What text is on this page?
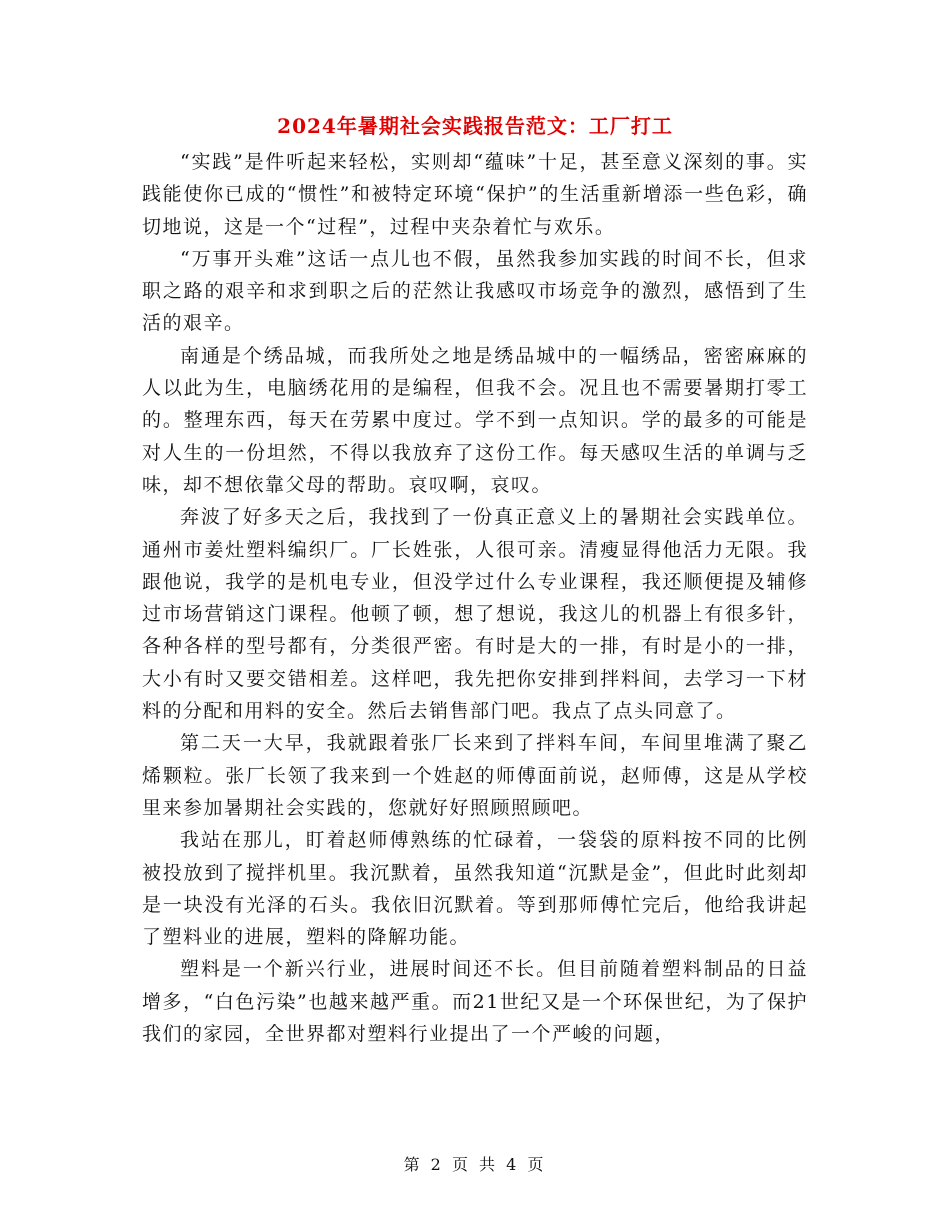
2024年暑期社会实践报告范文：工厂打工

“实践”是件听起来轻松，实则却“蕴味”十足，甚至意义深刻的事。实践能使你已成的“惯性”和被特定环境“保护”的生活重新增添一些色彩，确切地说，这是一个“过程”，过程中夹杂着忙与欢乐。

“万事开头难”这话一点儿也不假，虽然我参加实践的时间不长，但求职之路的艰辛和求到职之后的茫然让我感叹市场竞争的激烈，感悟到了生活的艰辛。

南通是个绣品城，而我所处之地是绣品城中的一幅绣品，密密麻麻的人以此为生，电脑绣花用的是编程，但我不会。况且也不需要暑期打零工的。整理东西，每天在劳累中度过。学不到一点知识。学的最多的可能是对人生的一份坦然，不得以我放弃了这份工作。每天感叹生活的单调与乏味，却不想依靠父母的帮助。哀叹啊，哀叹。

奔波了好多天之后，我找到了一份真正意义上的暑期社会实践单位。通州市姜灶塑料编织厂。厂长姓张，人很可亲。清瘦显得他活力无限。我跟他说，我学的是机电专业，但没学过什么专业课程，我还顺便提及辅修过市场营销这门课程。他顿了顿，想了想说，我这儿的机器上有很多针，各种各样的型号都有，分类很严密。有时是大的一排，有时是小的一排，大小有时又要交错相差。这样吧，我先把你安排到拌料间，去学习一下材料的分配和用料的安全。然后去销售部门吧。我点了点头同意了。

第二天一大早，我就跟着张厂长来到了拌料车间，车间里堆满了聚乙烯颗粒。张厂长领了我来到一个姓赵的师傅面前说，赵师傅，这是从学校里来参加暑期社会实践的，您就好好照顾照顾吧。

我站在那儿，盯着赵师傅熟练的忙碌着，一袋袋的原料按不同的比例被投放到了搅拌机里。我沉默着，虽然我知道“沉默是金”，但此时此刻却是一块没有光泽的石头。我依旧沉默着。等到那师傅忙完后，他给我讲起了塑料业的进展，塑料的降解功能。

塑料是一个新兴行业，进展时间还不长。但目前随着塑料制品的日益增多，“白色污染”也越来越严重。而21世纪又是一个环保世纪，为了保护我们的家园，全世界都对塑料行业提出了一个严峻的问题，

第 2 页 共 4 页
